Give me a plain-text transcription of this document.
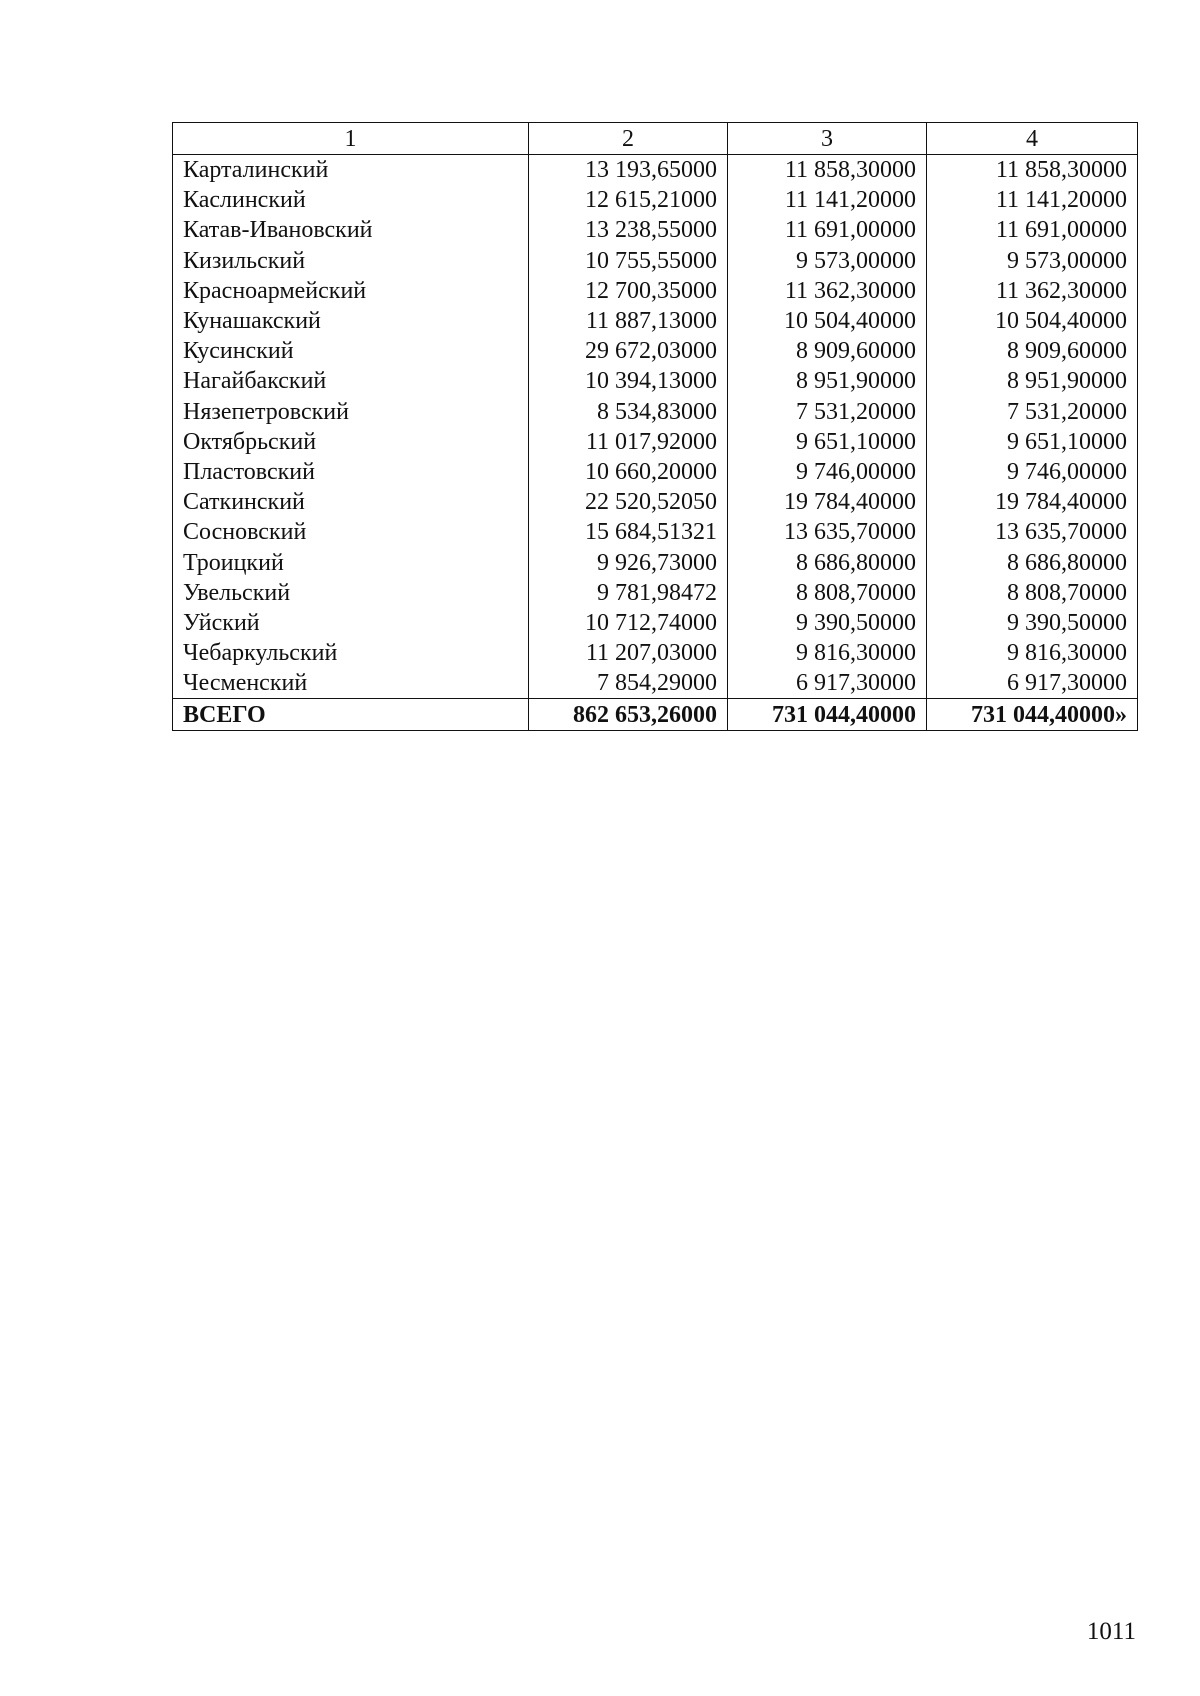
1	2	3	4
Карталинский	13 193,65000	11 858,30000	11 858,30000
Каслинский	12 615,21000	11 141,20000	11 141,20000
Катав-Ивановский	13 238,55000	11 691,00000	11 691,00000
Кизильский	10 755,55000	9 573,00000	9 573,00000
Красноармейский	12 700,35000	11 362,30000	11 362,30000
Кунашакский	11 887,13000	10 504,40000	10 504,40000
Кусинский	29 672,03000	8 909,60000	8 909,60000
Нагайбакский	10 394,13000	8 951,90000	8 951,90000
Нязепетровский	8 534,83000	7 531,20000	7 531,20000
Октябрьский	11 017,92000	9 651,10000	9 651,10000
Пластовский	10 660,20000	9 746,00000	9 746,00000
Саткинский	22 520,52050	19 784,40000	19 784,40000
Сосновский	15 684,51321	13 635,70000	13 635,70000
Троицкий	9 926,73000	8 686,80000	8 686,80000
Увельский	9 781,98472	8 808,70000	8 808,70000
Уйский	10 712,74000	9 390,50000	9 390,50000
Чебаркульский	11 207,03000	9 816,30000	9 816,30000
Чесменский	7 854,29000	6 917,30000	6 917,30000
ВСЕГО	862 653,26000	731 044,40000	731 044,40000»
1011
